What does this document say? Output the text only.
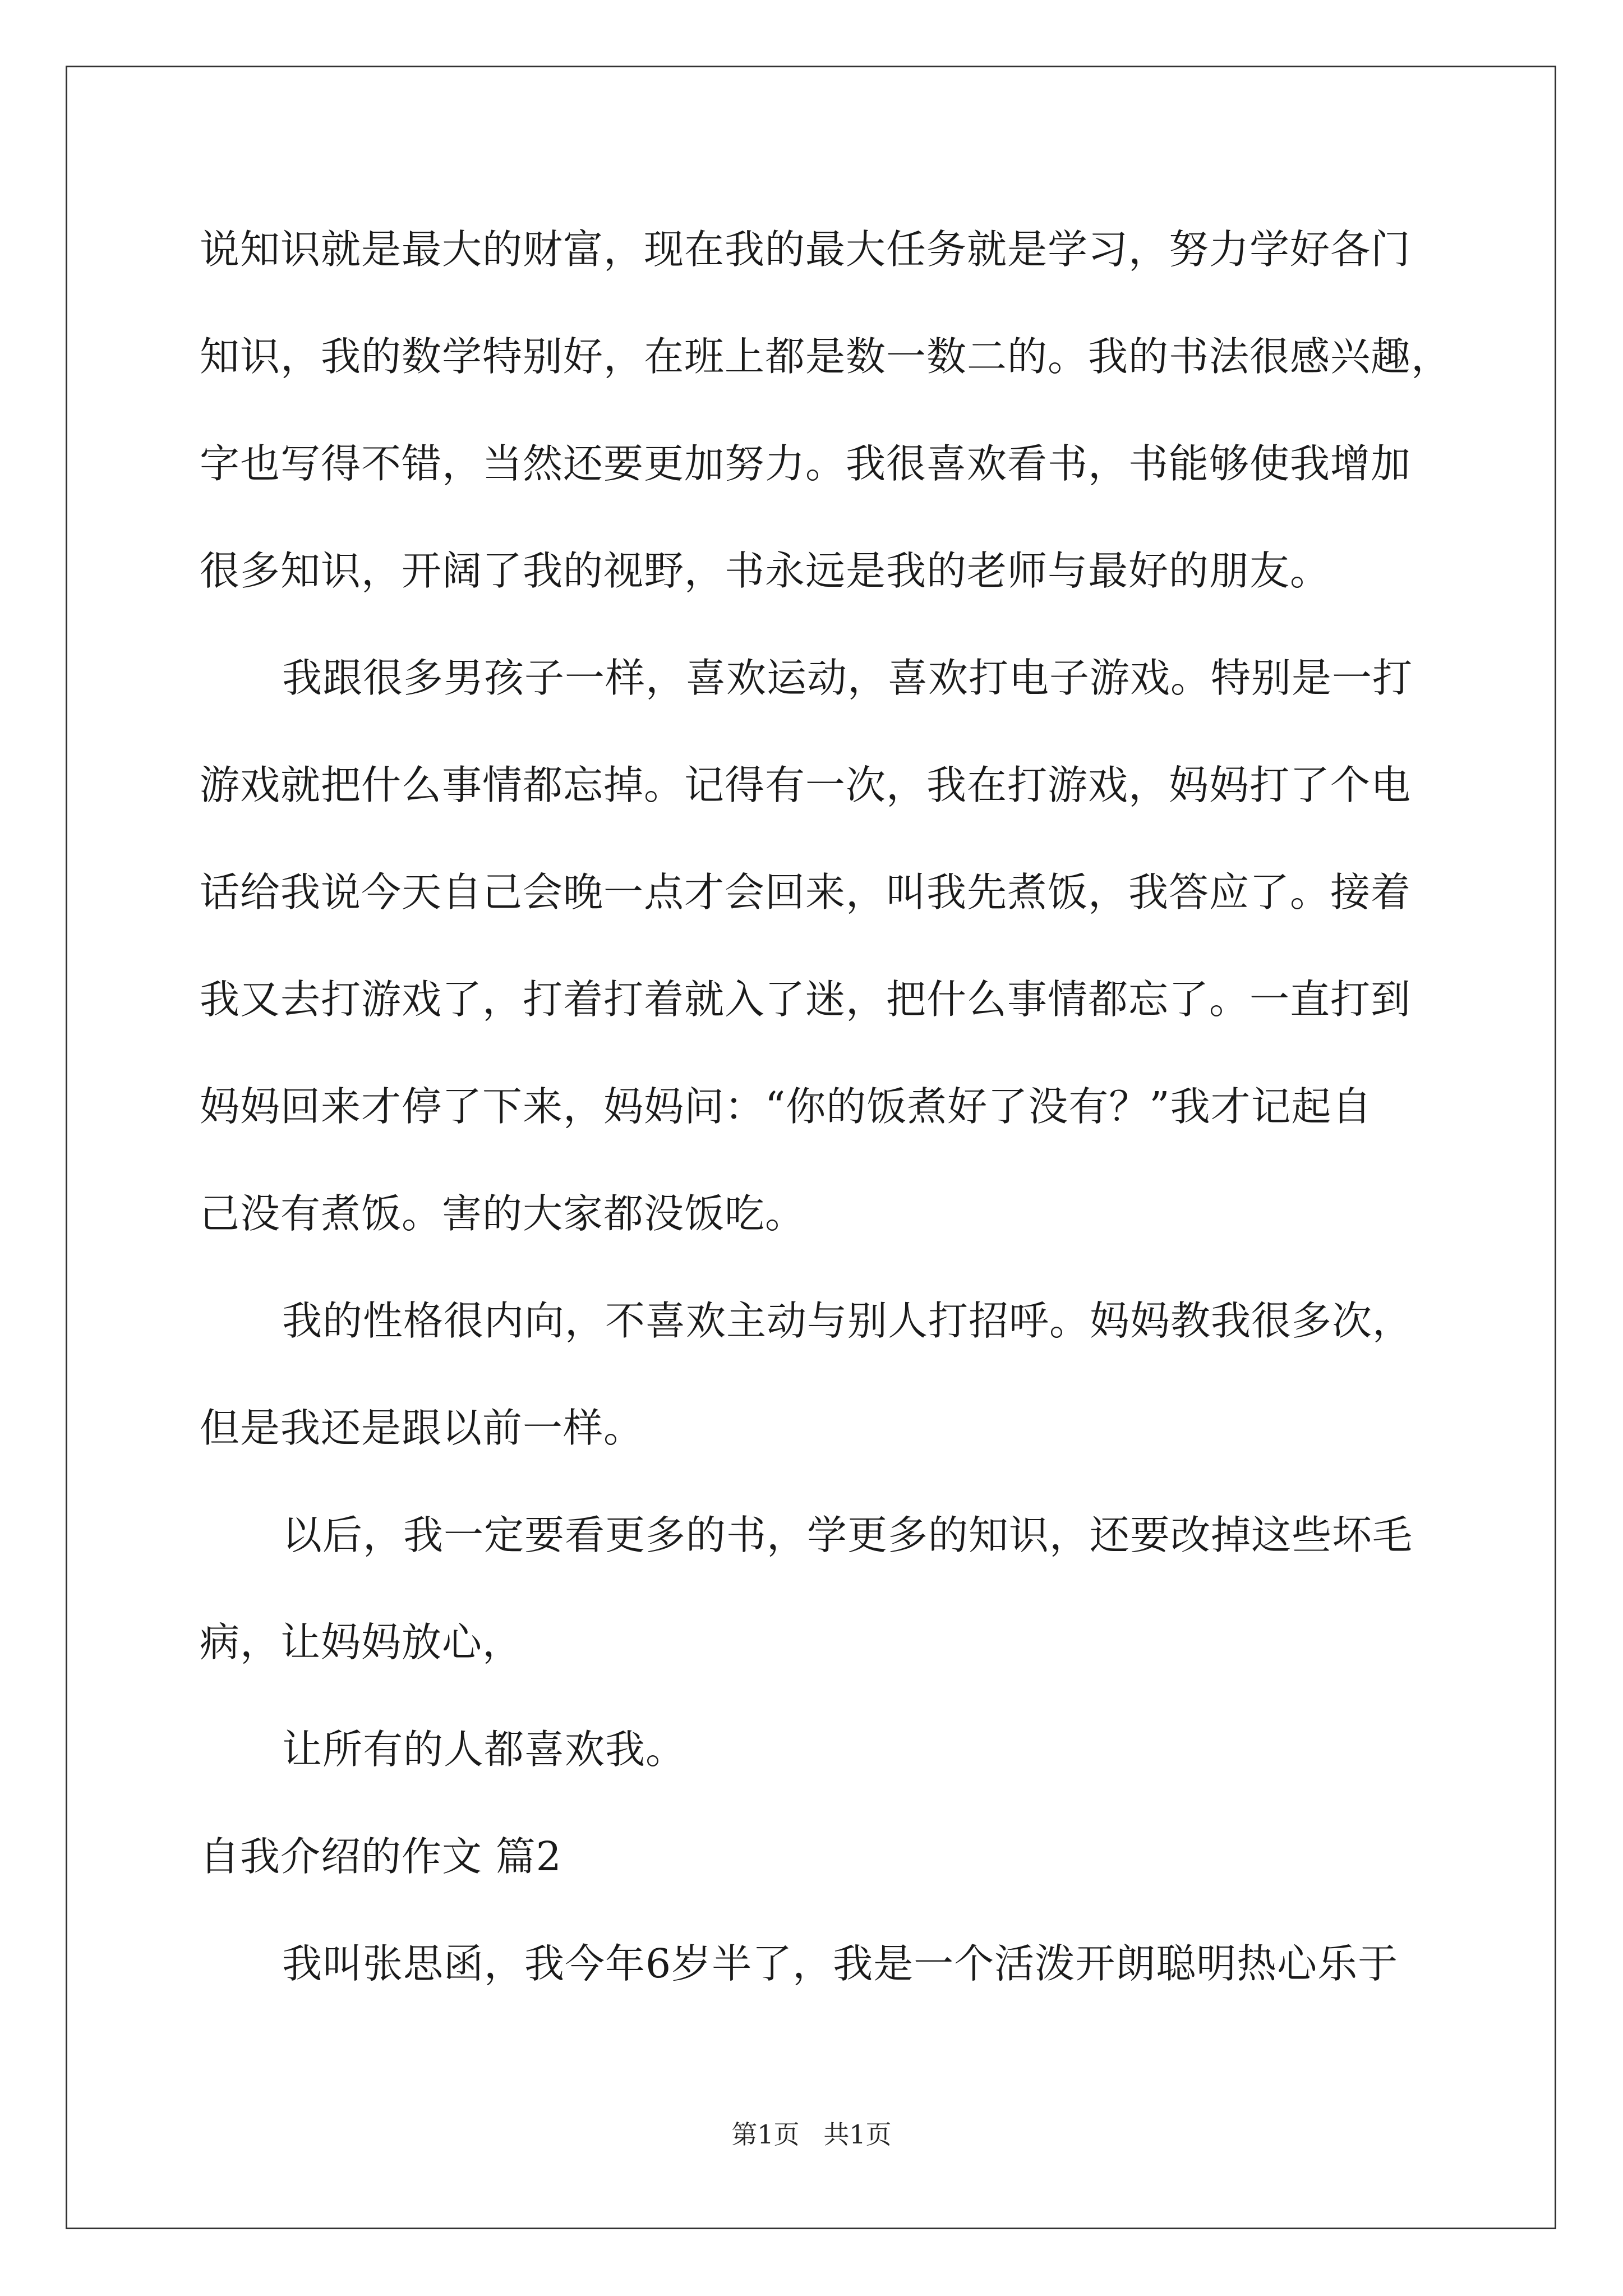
说知识就是最大的财富，现在我的最大任务就是学习，努力学好各门
知识，我的数学特别好，在班上都是数一数二的。我的书法很感兴趣，
字也写得不错，当然还要更加努力。我很喜欢看书，书能够使我增加
很多知识，开阔了我的视野，书永远是我的老师与最好的朋友。
我跟很多男孩子一样，喜欢运动，喜欢打电子游戏。特别是一打
游戏就把什么事情都忘掉。记得有一次，我在打游戏，妈妈打了个电
话给我说今天自己会晚一点才会回来，叫我先煮饭，我答应了。接着
我又去打游戏了，打着打着就入了迷，把什么事情都忘了。一直打到
妈妈回来才停了下来，妈妈问：“你的饭煮好了没有？”我才记起自
己没有煮饭。害的大家都没饭吃。
我的性格很内向，不喜欢主动与别人打招呼。妈妈教我很多次，
但是我还是跟以前一样。
以后，我一定要看更多的书，学更多的知识，还要改掉这些坏毛
病，让妈妈放心，
让所有的人都喜欢我。
自我介绍的作文 篇2
我叫张思函，我今年6岁半了，我是一个活泼开朗聪明热心乐于
第1页 共1页
